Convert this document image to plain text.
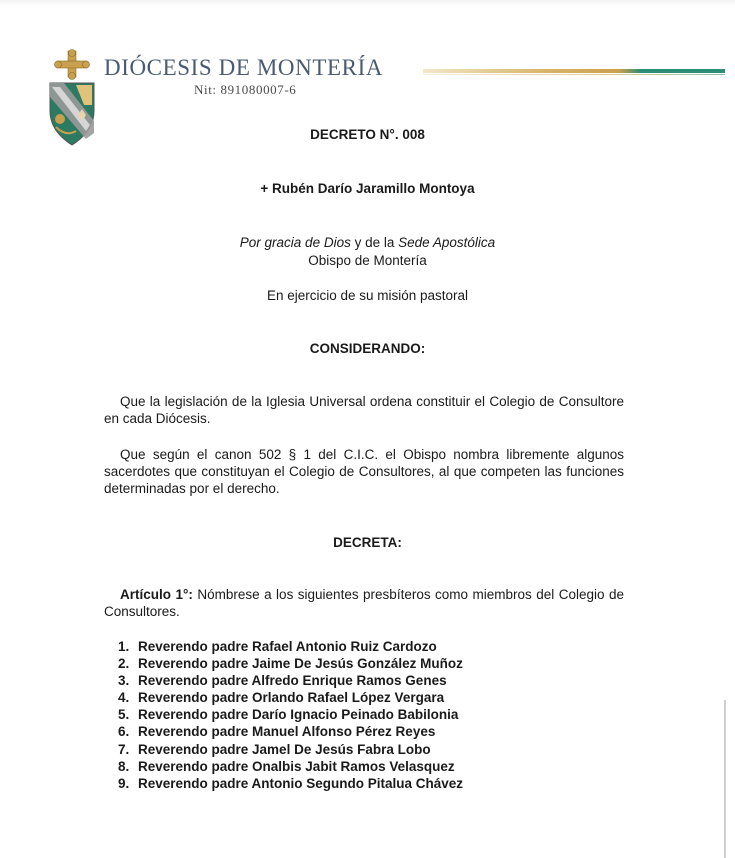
DIÓCESIS DE MONTERÍA
Nit: 891080007-6
DECRETO N°. 008
+ Rubén Darío Jaramillo Montoya
Por gracia de Dios y de la Sede Apostólica
Obispo de Montería
En ejercicio de su misión pastoral
CONSIDERANDO:
Que la legislación de la Iglesia Universal ordena constituir el Colegio de Consultore en cada Diócesis.
Que según el canon 502 § 1 del C.I.C. el Obispo nombra libremente algunos sacerdotes que constituyan el Colegio de Consultores, al que competen las funciones determinadas por el derecho.
DECRETA:
Artículo 1°: Nómbrese a los siguientes presbíteros como miembros del Colegio de Consultores.
1. Reverendo padre Rafael Antonio Ruiz Cardozo
2. Reverendo padre Jaime De Jesús González Muñoz
3. Reverendo padre Alfredo Enrique Ramos Genes
4. Reverendo padre Orlando Rafael López Vergara
5. Reverendo padre Darío Ignacio Peinado Babilonia
6. Reverendo padre Manuel Alfonso Pérez Reyes
7. Reverendo padre Jamel De Jesús Fabra Lobo
8. Reverendo padre Onalbis Jabit Ramos Velasquez
9. Reverendo padre Antonio Segundo Pitalua Chávez
